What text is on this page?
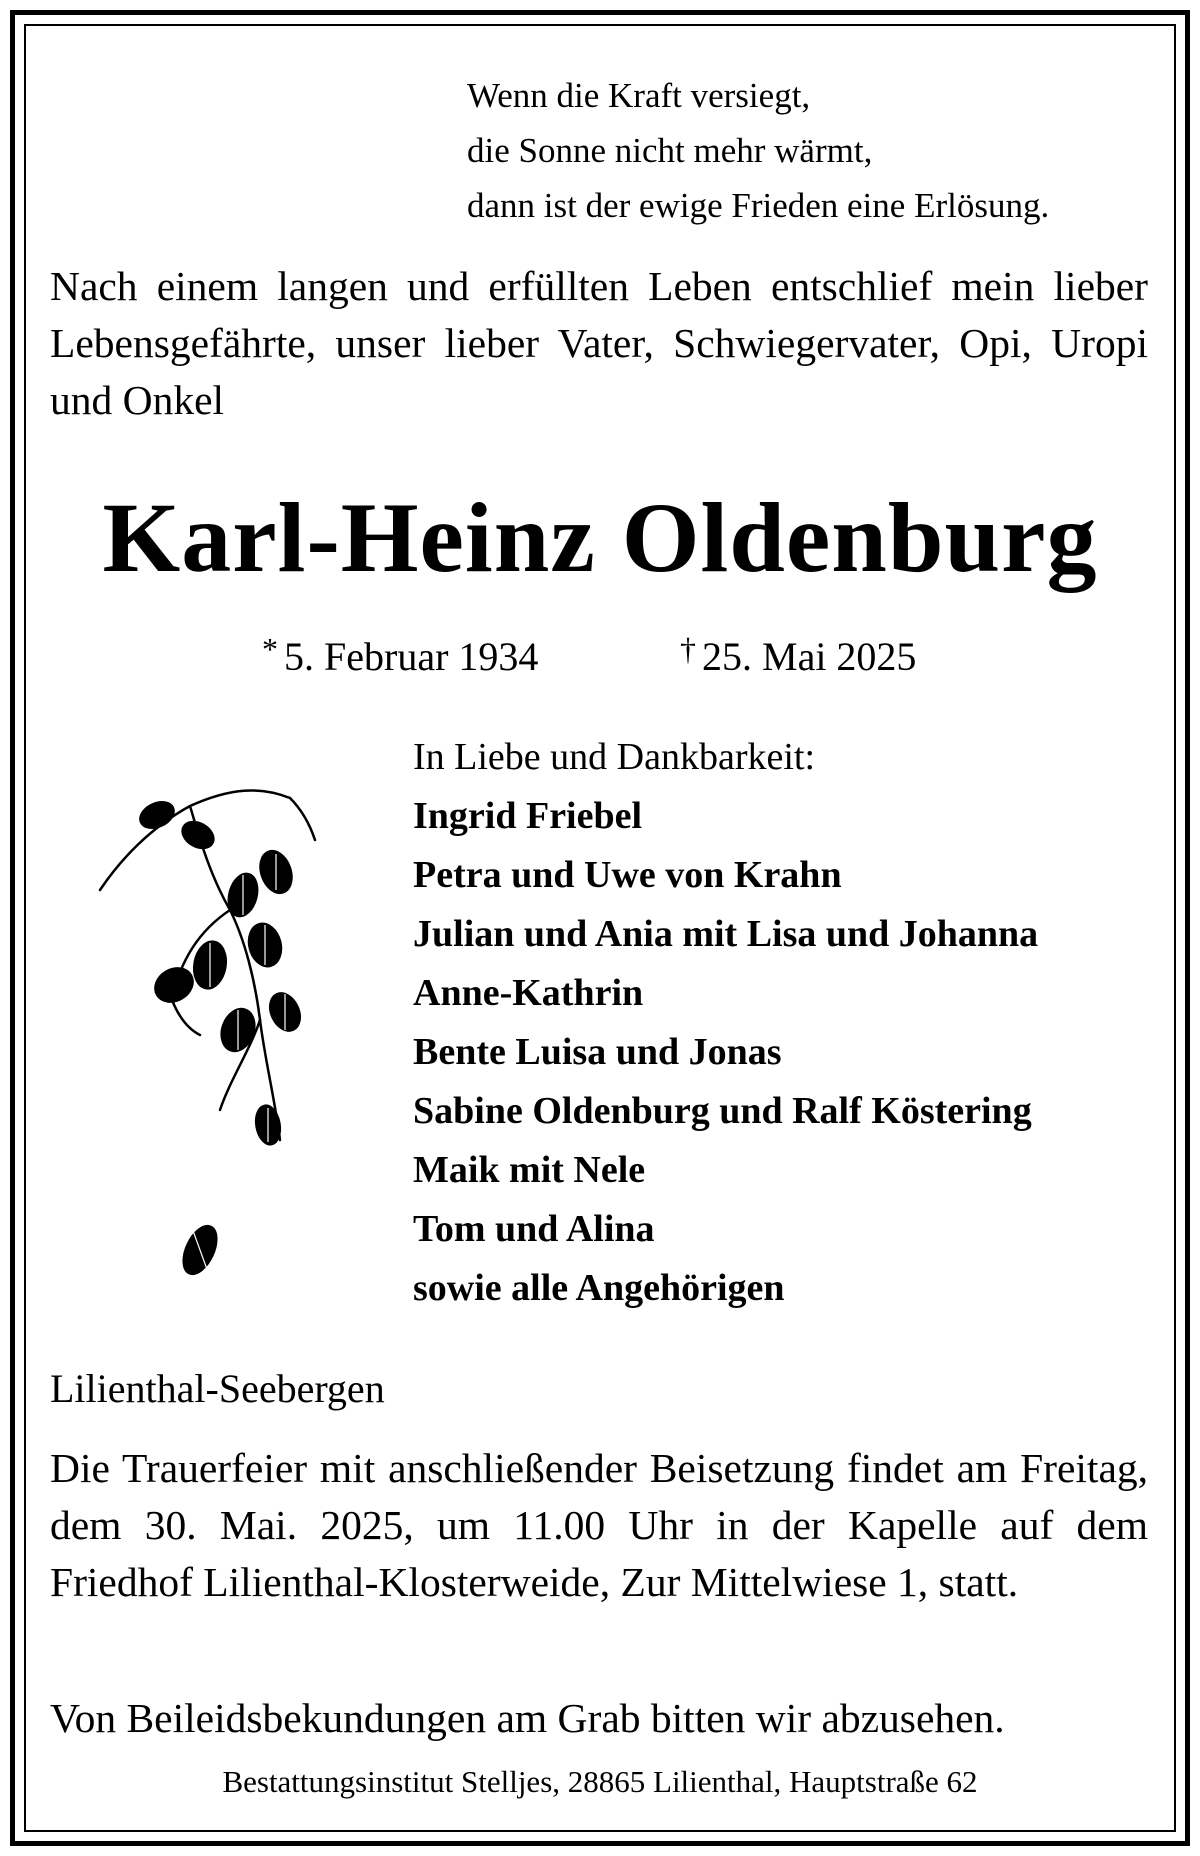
Wenn die Kraft versiegt,
die Sonne nicht mehr wärmt,
dann ist der ewige Frieden eine Erlösung.
Nach einem langen und erfüllten Leben entschlief mein lieber Lebensgefährte, unser lieber Vater, Schwiegervater, Opi, Uropi und Onkel
Karl-Heinz Oldenburg
* 5. Februar 1934	† 25. Mai 2025
In Liebe und Dankbarkeit:
Ingrid Friebel
Petra und Uwe von Krahn
Julian und Ania mit Lisa und Johanna
Anne-Kathrin
Bente Luisa und Jonas
Sabine Oldenburg und Ralf Köstering
Maik mit Nele
Tom und Alina
sowie alle Angehörigen
Lilienthal-Seebergen
Die Trauerfeier mit anschließender Beisetzung findet am Freitag, dem 30. Mai. 2025, um 11.00 Uhr in der Kapelle auf dem Friedhof Lilienthal-Klosterweide, Zur Mittelwiese 1, statt.
Von Beileidsbekundungen am Grab bitten wir abzusehen.
Bestattungsinstitut Stelljes, 28865 Lilienthal, Hauptstraße 62
